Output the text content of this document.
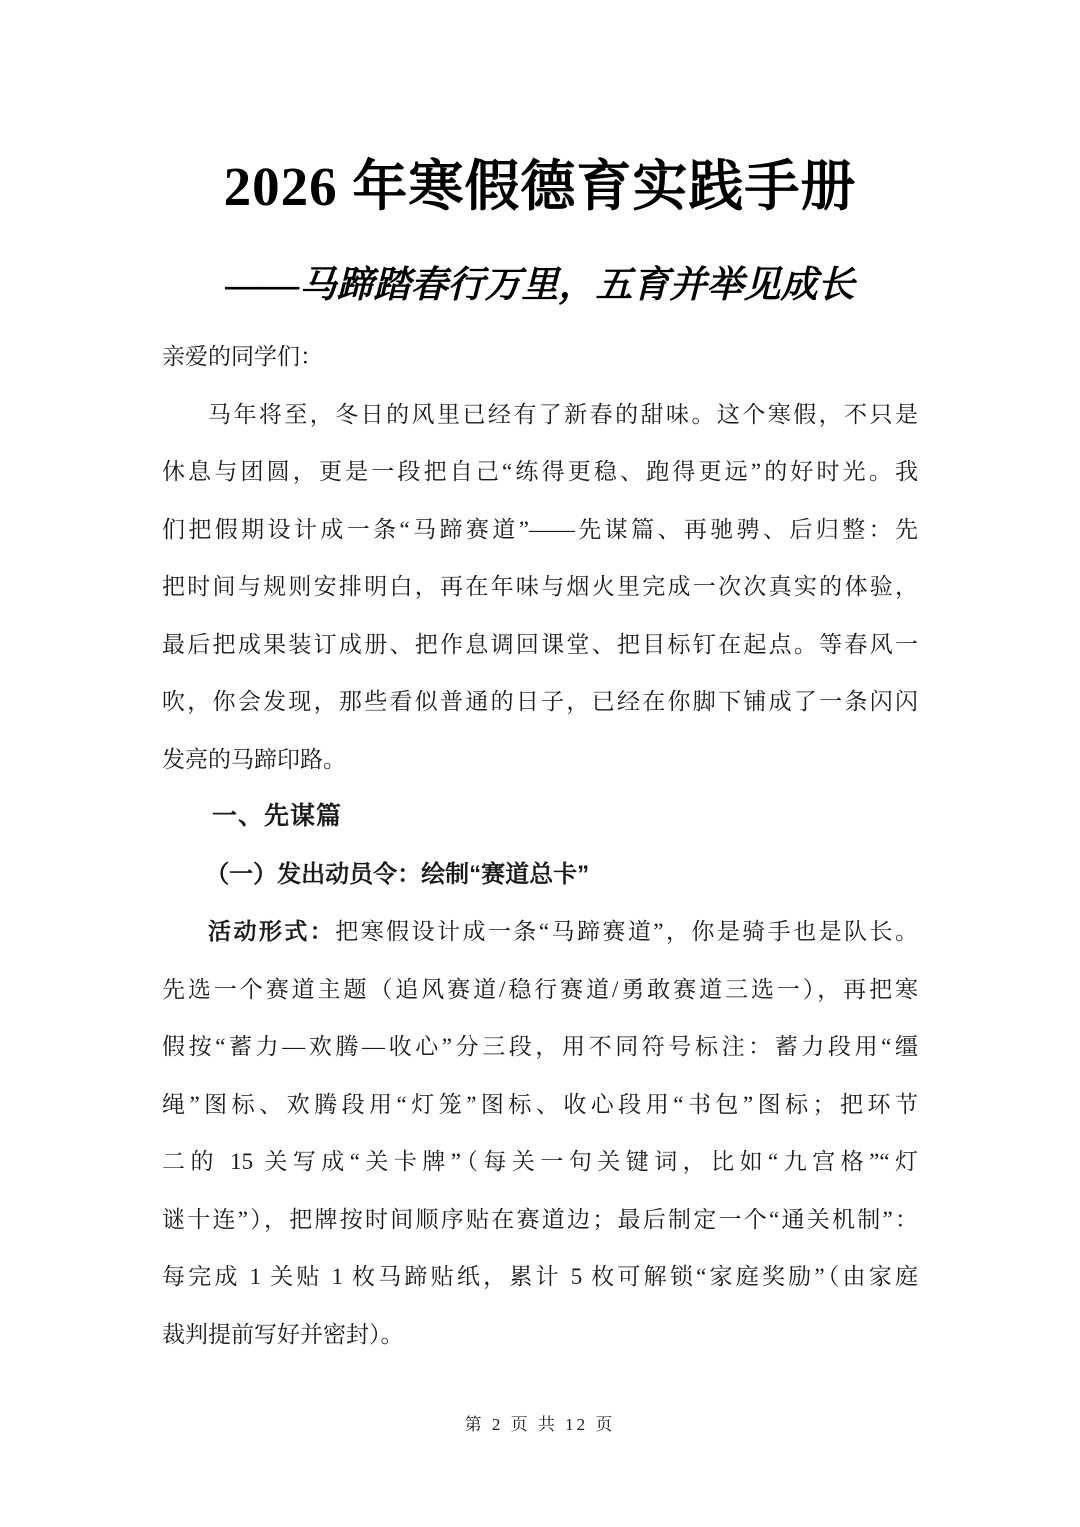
2026 年寒假德育实践手册
——马蹄踏春行万里，五育并举见成长
亲爱的同学们：
马年将至，冬日的风里已经有了新春的甜味。这个寒假，不只是
休息与团圆，更是一段把自己“练得更稳、跑得更远”的好时光。我
们把假期设计成一条“马蹄赛道”——先谋篇、再驰骋、后归整：先
把时间与规则安排明白，再在年味与烟火里完成一次次真实的体验，
最后把成果装订成册、把作息调回课堂、把目标钉在起点。等春风一
吹，你会发现，那些看似普通的日子，已经在你脚下铺成了一条闪闪
发亮的马蹄印路。
一、先谋篇
（一）发出动员令：绘制“赛道总卡”
活动形式：把寒假设计成一条“马蹄赛道”，你是骑手也是队长。
先选一个赛道主题（追风赛道/稳行赛道/勇敢赛道三选一），再把寒
假按“蓄力—欢腾—收心”分三段，用不同符号标注：蓄力段用“缰
绳”图标、欢腾段用“灯笼”图标、收心段用“书包”图标；把环节
二的 15 关写成“关卡牌”（每关一句关键词，比如“九宫格”“灯
谜十连”），把牌按时间顺序贴在赛道边；最后制定一个“通关机制”：
每完成 1 关贴 1 枚马蹄贴纸，累计 5 枚可解锁“家庭奖励”（由家庭
裁判提前写好并密封）。
第 2 页 共 12 页
